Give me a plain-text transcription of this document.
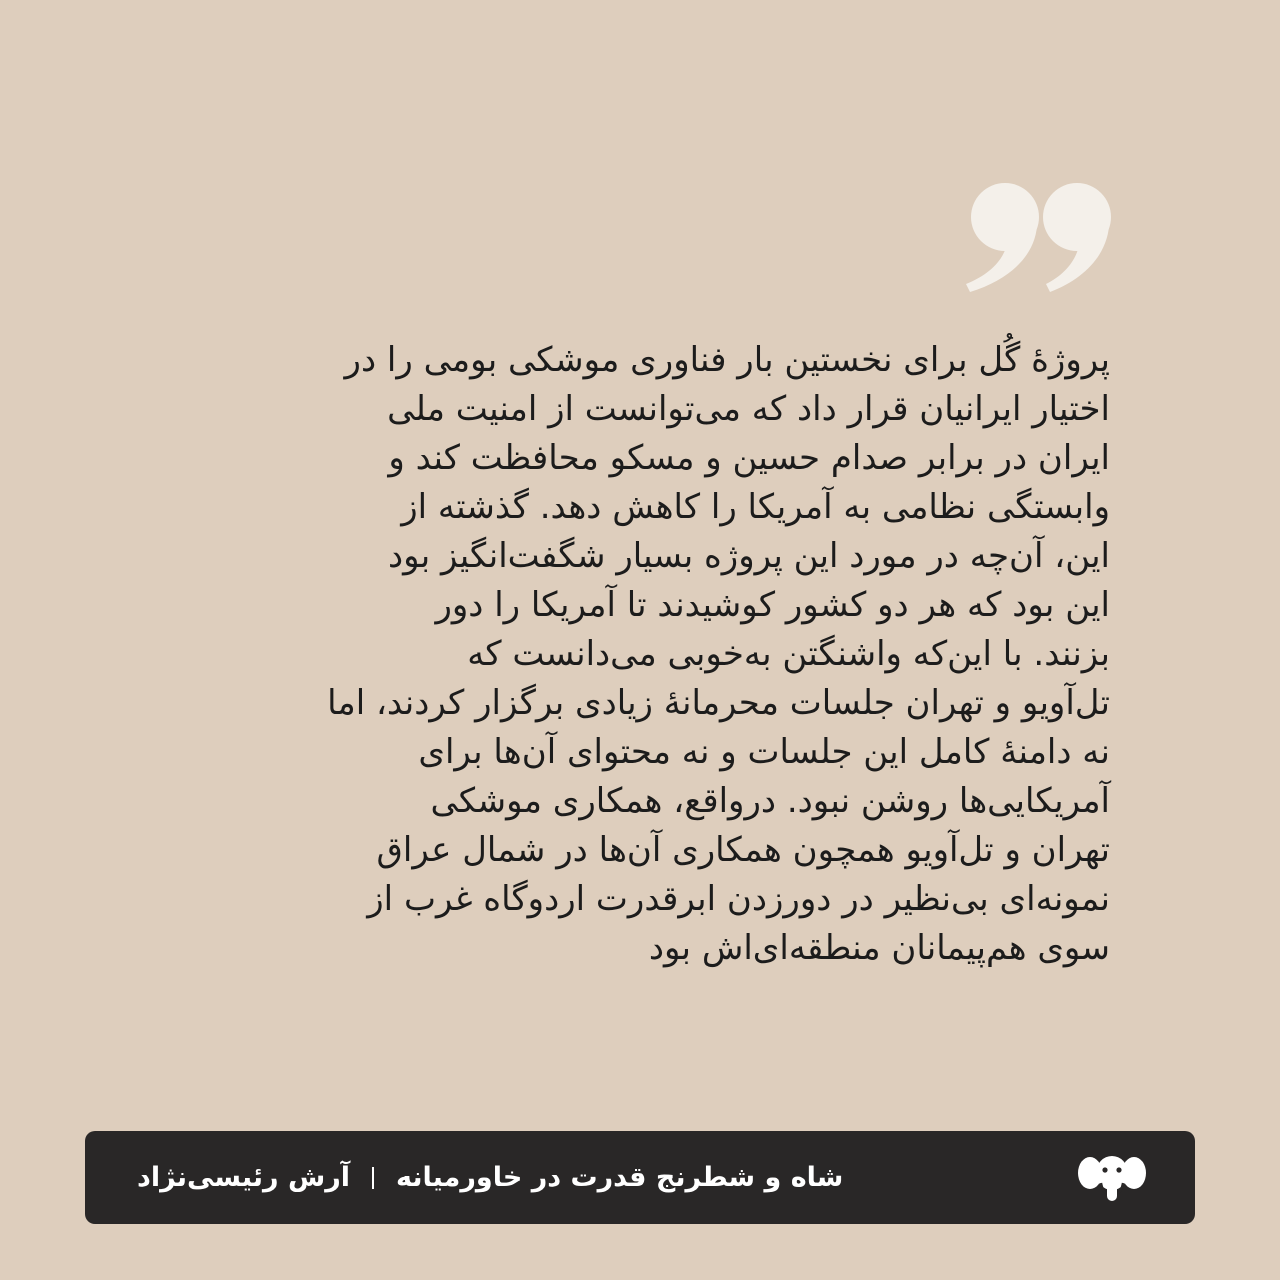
پروژهٔ گُل برای نخستین بار فناوری موشکی بومی را در
اختیار ایرانیان قرار داد که می‌توانست از امنیت ملی
ایران در برابر صدام حسین و مسکو محافظت کند و
وابستگی نظامی به آمریکا را کاهش دهد. گذشته از
این، آن‌چه در مورد این پروژه بسیار شگفت‌انگیز بود
این بود که هر دو کشور کوشیدند تا آمریکا را دور
بزنند. با این‌که واشنگتن به‌خوبی می‌دانست که
تل‌آویو و تهران جلسات محرمانهٔ زیادی برگزار کردند، اما
نه دامنهٔ کامل این جلسات و نه محتوای آن‌ها برای
آمریکایی‌ها روشن نبود. درواقع، همکاری موشکی
تهران و تل‌آویو همچون همکاری آن‌ها در شمال عراق
نمونه‌ای بی‌نظیر در دورزدن ابرقدرت اردوگاه غرب از
سوی هم‌پیمانان منطقه‌ای‌اش بود
شاه و شطرنج قدرت در خاورمیانه
آرش رئیسی‌نژاد
